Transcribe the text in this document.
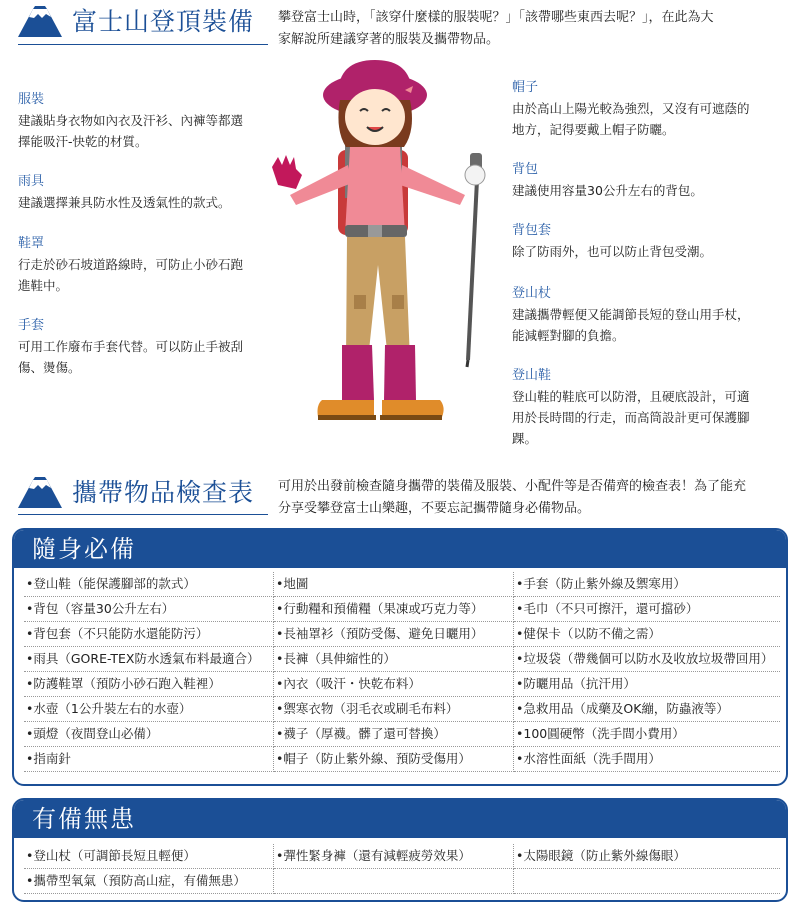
富士山登頂裝備 攀登富士山時，「該穿什麼樣的服裝呢？」「該帶哪些東西去呢？」，在此為大
家解說所建議穿著的服裝及攜帶物品。
服裝
建議貼身衣物如內衣及汗衫、內褲等都選
擇能吸汗-快乾的材質。
雨具
建議選擇兼具防水性及透氣性的款式。
鞋罩
行走於砂石坡道路線時，可防止小砂石跑
進鞋中。
手套
可用工作廢布手套代替。可以防止手被刮
傷、燙傷。
帽子
由於高山上陽光較為強烈，又沒有可遮蔭的
地方，記得要戴上帽子防曬。
背包
建議使用容量30公升左右的背包。
背包套
除了防雨外，也可以防止背包受潮。
登山杖
建議攜帶輕便又能調節長短的登山用手杖，
能減輕對腳的負擔。
登山鞋
登山鞋的鞋底可以防滑，且硬底設計，可適
用於長時間的行走，而高筒設計更可保護腳
踝。
攜帶物品檢查表 可用於出發前檢查隨身攜帶的裝備及服裝、小配件等是否備齊的檢查表！為了能充
分享受攀登富士山樂趣，不要忘記攜帶隨身必備物品。
隨身必備
•登山鞋（能保護腳部的款式）	•地圖	•手套（防止紫外線及禦寒用）
•背包（容量30公升左右）	•行動糧和預備糧（果凍或巧克力等）	•毛巾（不只可擦汗，還可擋砂）
•背包套（不只能防水還能防污）	•長袖罩衫（預防受傷、避免日曬用）	•健保卡（以防不備之需）
•雨具（GORE-TEX防水透氣布料最適合）	•長褲（具伸縮性的）	•垃圾袋（帶幾個可以防水及收放垃圾帶回用）
•防護鞋罩（預防小砂石跑入鞋裡）	•內衣（吸汗・快乾布料）	•防曬用品（抗汗用）
•水壺（1公升裝左右的水壺）	•禦寒衣物（羽毛衣或刷毛布料）	•急救用品（成藥及OK繃，防蟲液等）
•頭燈（夜間登山必備）	•襪子（厚襪。髒了還可替換）	•100圓硬幣（洗手間小費用）
•指南針	•帽子（防止紫外線、預防受傷用）	•水溶性面紙（洗手間用）
有備無患
•登山杖（可調節長短且輕便）	•彈性緊身褲（還有減輕疲勞效果）	•太陽眼鏡（防止紫外線傷眼）
•攜帶型氧氣（預防高山症，有備無患）
